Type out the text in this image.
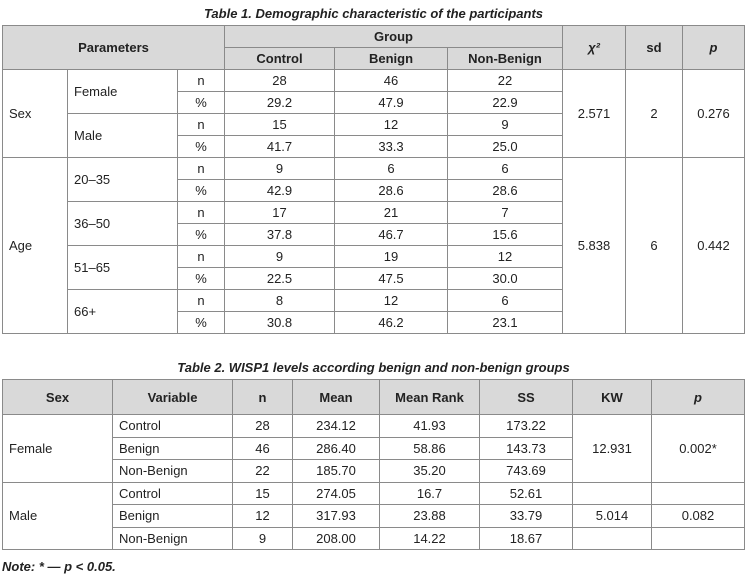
Table 1. Demographic characteristic of the participants
Parameters			Group			χ²	sd	p
			Control	Benign	Non-Benign			
Sex	Female	n	28	46	22	2.571	2	0.276
		%	29.2	47.9	22.9			
	Male	n	15	12	9			
		%	41.7	33.3	25.0			
Age	20–35	n	9	6	6	5.838	6	0.442
		%	42.9	28.6	28.6			
	36–50	n	17	21	7			
		%	37.8	46.7	15.6			
	51–65	n	9	19	12			
		%	22.5	47.5	30.0			
	66+	n	8	12	6			
		%	30.8	46.2	23.1			
Table 2. WISP1 levels according benign and non-benign groups
Sex	Variable	n	Mean	Mean Rank	SS	KW	p
Female	Control	28	234.12	41.93	173.22	12.931	0.002*
	Benign	46	286.40	58.86	143.73		
	Non-Benign	22	185.70	35.20	743.69		
Male	Control	15	274.05	16.7	52.61		
	Benign	12	317.93	23.88	33.79	5.014	0.082
	Non-Benign	9	208.00	14.22	18.67		
Note: * — p < 0.05.
